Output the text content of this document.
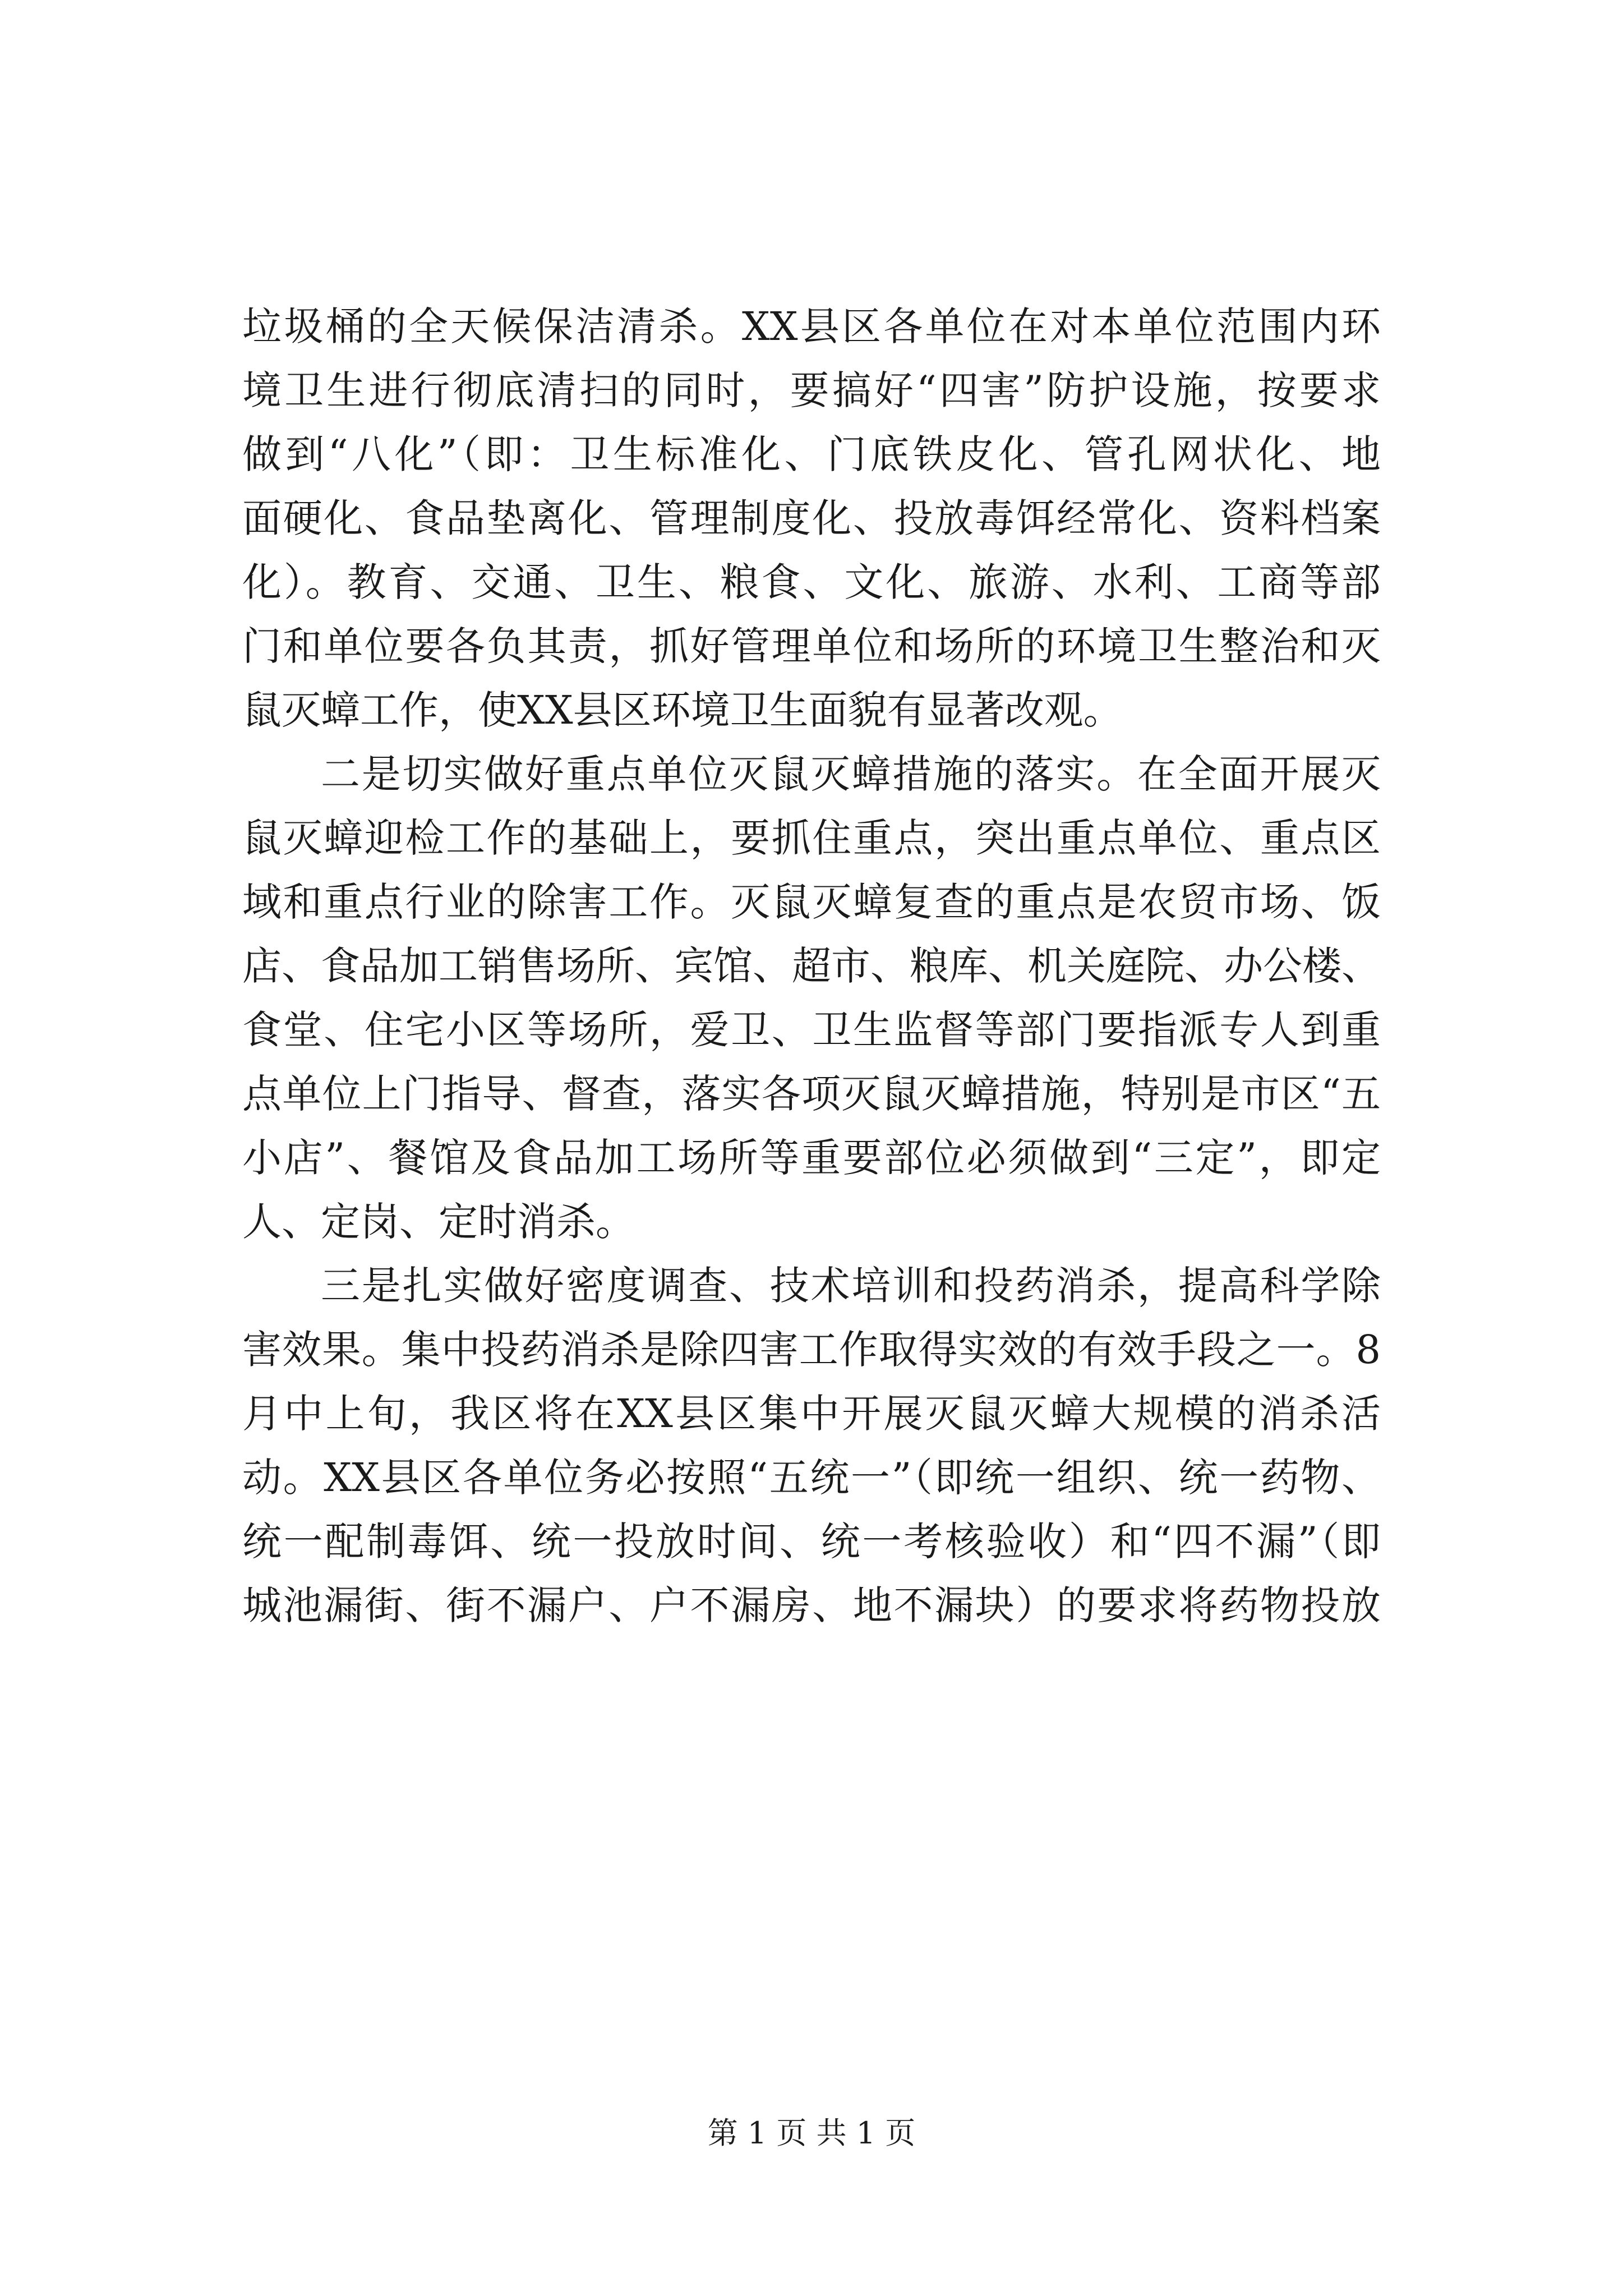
垃圾桶的全天候保洁清杀。XX县区各单位在对本单位范围内环
境卫生进行彻底清扫的同时，要搞好“四害”防护设施，按要求
做到“八化”（即：卫生标准化、门底铁皮化、管孔网状化、地
面硬化、食品垫离化、管理制度化、投放毒饵经常化、资料档案
化）。教育、交通、卫生、粮食、文化、旅游、水利、工商等部
门和单位要各负其责，抓好管理单位和场所的环境卫生整治和灭
鼠灭蟑工作，使XX县区环境卫生面貌有显著改观。
二是切实做好重点单位灭鼠灭蟑措施的落实。在全面开展灭
鼠灭蟑迎检工作的基础上，要抓住重点，突出重点单位、重点区
域和重点行业的除害工作。灭鼠灭蟑复查的重点是农贸市场、饭
店、食品加工销售场所、宾馆、超市、粮库、机关庭院、办公楼、
食堂、住宅小区等场所，爱卫、卫生监督等部门要指派专人到重
点单位上门指导、督查，落实各项灭鼠灭蟑措施，特别是市区“五
小店”、餐馆及食品加工场所等重要部位必须做到“三定”，即定
人、定岗、定时消杀。
三是扎实做好密度调查、技术培训和投药消杀，提高科学除
害效果。集中投药消杀是除四害工作取得实效的有效手段之一。8
月中上旬，我区将在XX县区集中开展灭鼠灭蟑大规模的消杀活
动。XX县区各单位务必按照“五统一”（即统一组织、统一药物、
统一配制毒饵、统一投放时间、统一考核验收）和“四不漏”（即
城池漏街、街不漏户、户不漏房、地不漏块）的要求将药物投放
第 1 页 共 1 页
